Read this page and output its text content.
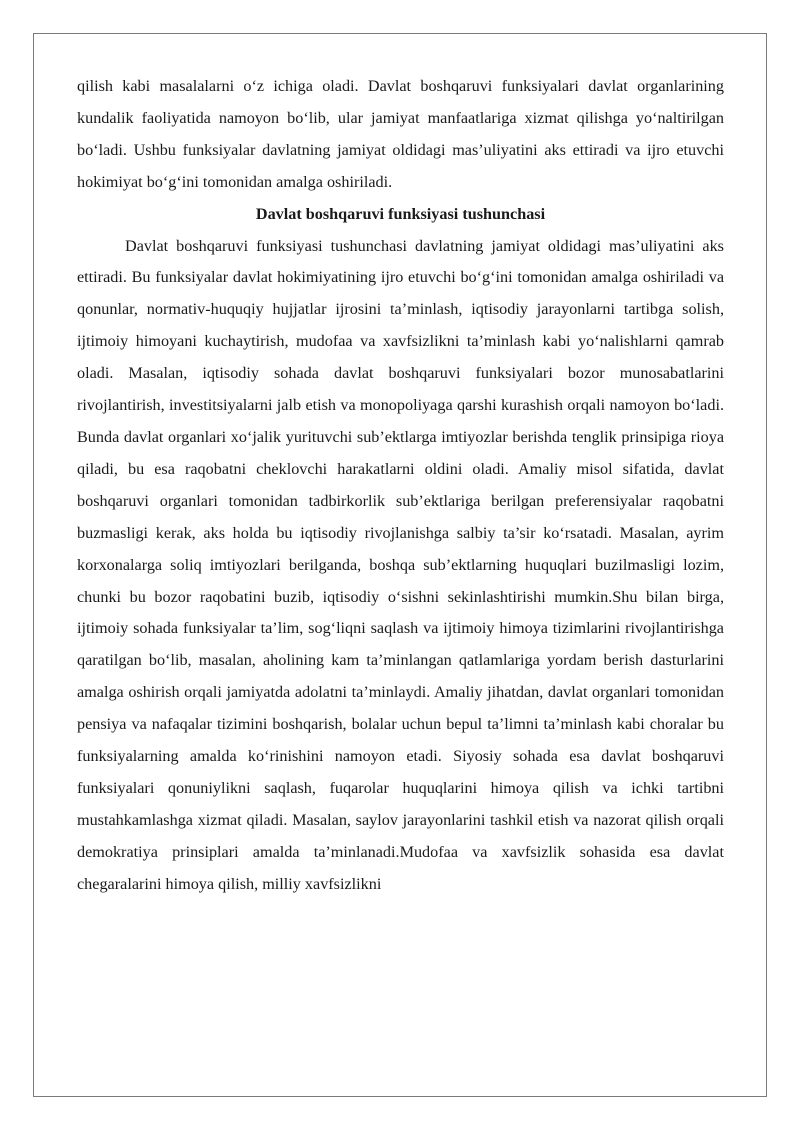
qilish kabi masalalarni o‘z ichiga oladi. Davlat boshqaruvi funksiyalari davlat organlarining kundalik faoliyatida namoyon bo‘lib, ular jamiyat manfaatlariga xizmat qilishga yo‘naltirilgan bo‘ladi. Ushbu funksiyalar davlatning jamiyat oldidagi mas’uliyatini aks ettiradi va ijro etuvchi hokimiyat bo‘g‘ini tomonidan amalga oshiriladi.

Davlat boshqaruvi funksiyasi tushunchasi

Davlat boshqaruvi funksiyasi tushunchasi davlatning jamiyat oldidagi mas’uliyatini aks ettiradi. Bu funksiyalar davlat hokimiyatining ijro etuvchi bo‘g‘ini tomonidan amalga oshiriladi va qonunlar, normativ-huquqiy hujjatlar ijrosini ta’minlash, iqtisodiy jarayonlarni tartibga solish, ijtimoiy himoyani kuchaytirish, mudofaa va xavfsizlikni ta’minlash kabi yo‘nalishlarni qamrab oladi. Masalan, iqtisodiy sohada davlat boshqaruvi funksiyalari bozor munosabatlarini rivojlantirish, investitsiyalarni jalb etish va monopoliyaga qarshi kurashish orqali namoyon bo‘ladi. Bunda davlat organlari xo‘jalik yurituvchi sub’ektlarga imtiyozlar berishda tenglik prinsipiga rioya qiladi, bu esa raqobatni cheklovchi harakatlarni oldini oladi. Amaliy misol sifatida, davlat boshqaruvi organlari tomonidan tadbirkorlik sub’ektlariga berilgan preferensiyalar raqobatni buzmasligi kerak, aks holda bu iqtisodiy rivojlanishga salbiy ta’sir ko‘rsatadi. Masalan, ayrim korxonalarga soliq imtiyozlari berilganda, boshqa sub’ektlarning huquqlari buzilmasligi lozim, chunki bu bozor raqobatini buzib, iqtisodiy o‘sishni sekinlashtirishi mumkin.Shu bilan birga, ijtimoiy sohada funksiyalar ta’lim, sog‘liqni saqlash va ijtimoiy himoya tizimlarini rivojlantirishga qaratilgan bo‘lib, masalan, aholining kam ta’minlangan qatlamlariga yordam berish dasturlarini amalga oshirish orqali jamiyatda adolatni ta’minlaydi. Amaliy jihatdan, davlat organlari tomonidan pensiya va nafaqalar tizimini boshqarish, bolalar uchun bepul ta’limni ta’minlash kabi choralar bu funksiyalarning amalda ko‘rinishini namoyon etadi. Siyosiy sohada esa davlat boshqaruvi funksiyalari qonuniylikni saqlash, fuqarolar huquqlarini himoya qilish va ichki tartibni mustahkamlashga xizmat qiladi. Masalan, saylov jarayonlarini tashkil etish va nazorat qilish orqali demokratiya prinsiplari amalda ta’minlanadi.Mudofaa va xavfsizlik sohasida esa davlat chegaralarini himoya qilish, milliy xavfsizlikni
